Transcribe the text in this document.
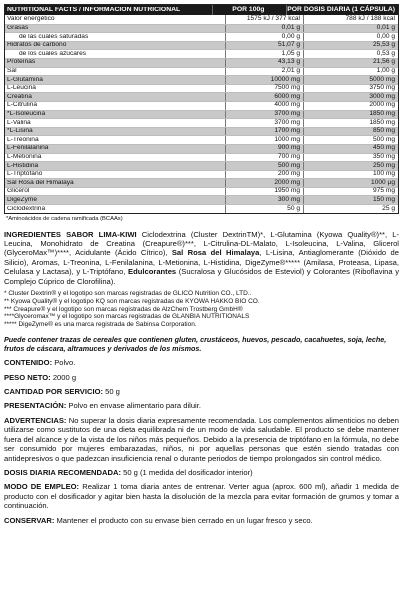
NUTRITIONAL FACTS / INFORMACIÓN NUTRICIONAL	POR 100g	POR DOSIS DIARIA (1 CÁPSULA)
Valor energético	1575 kJ / 377 kcal	788 kJ / 188 kcal
Grasas	0,01 g	0,01 g
de las cuales saturadas	0,00 g	0,00 g
Hidratos de carbono	51,07 g	25,53 g
de los cuales azúcares	1,05 g	0,53 g
Proteínas	43,13 g	21,56 g
Sal	2,01 g	1,00 g
L-Glutamina	10000 mg	5000 mg
L-Leucina	7500 mg	3750 mg
Creatina	6000 mg	3000 mg
L-Citrulina	4000 mg	2000 mg
*L-Isoleucina	3700 mg	1850 mg
L-Valina	3700 mg	1850 mg
*L-Lisina	1700 mg	850 mg
L-Treonina	1000 mg	500 mg
L-Fenilalanina	900 mg	450 mg
L-Metionina	700 mg	350 mg
L-Histidina	500 mg	250 mg
L-Triptófano	200 mg	100 mg
Sal Rosa del Himalaya	2000 mg	1000 µg
Glicerol	1950 mg	975 mg
DigeZyme	300 mg	150 mg
Ciclodextrina	50 g	25 g
*Aminoácidos de cadena ramificada (BCAAs)

INGREDIENTES SABOR LIMA-KIWI Ciclodextrina (Cluster DextrinTM)*, L-Glutamina (Kyowa Quality®)**, L-Leucina, Monohidrato de Creatina (Creapure®)***, L-Citrulina-DL-Malato, L-Isoleucina, L-Valina, Glicerol (GlyceroMax™)****, Acidulante (Ácido Cítrico), Sal Rosa del Himalaya, L-Lisina, Antiaglomerante (Dióxido de Silicio), Aromas, L-Treonina, L-Fenilalanina, L-Metionina, L-Histidina, DigeZyme®***** (Amilasa, Proteasa, Lipasa, Celulasa y Lactasa), y L-Triptófano, Edulcorantes (Sucralosa y Glucósidos de Esteviol) y Colorantes (Riboflavina y Complejo Cúprico de Clorofilina).

* Cluster Dextrin® y el logotipo son marcas registradas de GLICO Nutrition CO., LTD..
** Kyowa Quality® y el logotipo KQ son marcas registradas de KYOWA HAKKO BIO CO.
*** Creapure® y el logotipo son marcas registradas de AlzChem Trostberg GmbH®
****Glyceromax™ y el logotipo son marcas registradas de GLANBIA NUTRITIONALS
***** DigeZyme® es una marca registrada de Sabinsa Corporation.

Puede contener trazas de cereales que contienen gluten, crustáceos, huevos, pescado, cacahuetes, soja, leche, frutos de cáscara, altramuces y derivados de los mismos.

CONTENIDO: Polvo.

PESO NETO: 2000 g

CANTIDAD POR SERVICIO: 50 g

PRESENTACIÓN: Polvo en envase alimentario para diluir.

ADVERTENCIAS: No superar la dosis diaria expresamente recomendada. Los complementos alimenticios no deben utilizarse como sustitutos de una dieta equilibrada ni de un modo de vida saludable. El producto se debe mantener fuera del alcance y de la vista de los niños más pequeños. Debido a la presencia de triptófano en la fórmula, no debe ser consumido por mujeres embarazadas, niños, ni por aquellas personas que estén siendo tratadas con antidepresivos o que padezcan insuficiencia renal o durante periodos de tiempo prolongados sin control médico.

DOSIS DIARIA RECOMENDADA: 50 g (1 medida del dosificador interior)

MODO DE EMPLEO: Realizar 1 toma diaria antes de entrenar. Verter agua (aprox. 600 ml), añadir 1 medida de producto con el dosificador y agitar bien hasta la disolución de la mezcla para evitar formación de grumos y tomar a continuación.

CONSERVAR: Mantener el producto con su envase bien cerrado en un lugar fresco y seco.
